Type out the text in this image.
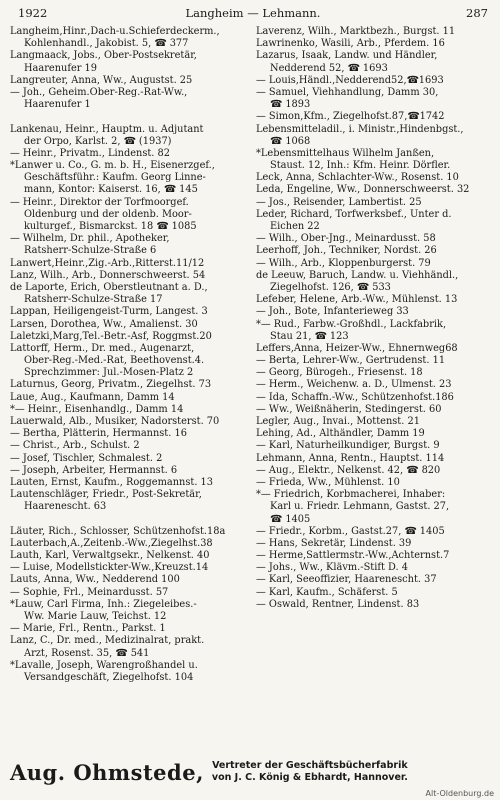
1922	Langheim — Lehmann.	287
Langheim,Hinr.,Dach-u.Schieferdeckerm.,
Kohlenhandl., Jakobist. 5, ☎ 377
Langmaack, Jobs., Ober-Postsekretär,
Haarenufer 19
Langreuter, Anna, Ww., Augustst. 25
— Joh., Geheim.Ober-Reg.-Rat-Ww.,
Haarenufer 1
Lankenau, Heinr., Hauptm. u. Adjutant
der Orpo, Karlst. 2, ☎ (1937)
— Heinr., Privatm., Lindenst. 82
*Lanwer u. Co., G. m. b. H., Eisenerzgef.,
Geschäftsführ.: Kaufm. Georg Linne-
mann, Kontor: Kaiserst. 16, ☎ 145
— Heinr., Direktor der Torfmoorgef.
Oldenburg und der oldenb. Moor-
kulturgef., Bismarckst. 18 ☎ 1085
— Wilhelm, Dr. phil., Apotheker,
Ratsherr-Schulze-Straße 6
Lanwert,Heinr.,Zig.-Arb.,Ritterst.11/12
Lanz, Wilh., Arb., Donnerschweerst. 54
de Laporte, Erich, Oberstleutnant a. D.,
Ratsherr-Schulze-Straße 17
Lappan, Heiligengeist-Turm, Langest. 3
Larsen, Dorothea, Ww., Amalienst. 30
Laletzki,Marg,Tel.-Betr.-Asf, Roggmst.20
Lattorff, Herm., Dr. med., Augenarzt,
Ober-Reg.-Med.-Rat, Beethovenst.4.
Sprechzimmer: Jul.-Mosen-Platz 2
Laturnus, Georg, Privatm., Ziegelhst. 73
Laue, Aug., Kaufmann, Damm 14
*— Heinr., Eisenhandlg., Damm 14
Lauerwald, Alb., Musiker, Nadorsterst. 70
— Bertha, Plätterin, Hermannst. 16
— Christ., Arb., Schulst. 2
— Josef, Tischler, Schmalest. 2
— Joseph, Arbeiter, Hermannst. 6
Lauten, Ernst, Kaufm., Roggemannst. 13
Lautenschläger, Friedr., Post-Sekretär,
Haarenescht. 63
Läuter, Rich., Schlosser, Schützenhofst.18a
Lauterbach,A.,Zeitenb.-Ww.,Ziegelhst.38
Lauth, Karl, Verwaltgsekr., Nelkenst. 40
— Luise, Modellstickter-Ww.,Kreuzst.14
Lauts, Anna, Ww., Nedderend 100
— Sophie, Frl., Meinardusst. 57
*Lauw, Carl Firma, Inh.: Ziegeleibes.-
Ww. Marie Lauw, Teichst. 12
— Marie, Frl., Rentn., Parkst. 1
Lanz, C., Dr. med., Medizinalrat, prakt.
Arzt, Rosenst. 35, ☎ 541
*Lavalle, Joseph, Warengroßhandel u.
Versandgeschäft, Ziegelhofst. 104
Laverenz, Wilh., Marktbezh., Burgst. 11
Lawrinenko, Wasili, Arb., Pferdem. 16
Lazarus, Isaak, Landw. und Händler,
Nedderend 52, ☎ 1693
— Louis,Händl.,Nedderend52,☎1693
— Samuel, Viehhandlung, Damm 30,
☎ 1893
— Simon,Kfm., Ziegelhofst.87,☎1742
Lebensmitteladil., i. Ministr.,Hindenbgst.,
☎ 1068
*Lebensmittelhaus Wilhelm Janßen,
Staust. 12, Inh.: Kfm. Heinr. Dörfler.
Leck, Anna, Schlachter-Ww., Rosenst. 10
Leda, Engeline, Ww., Donnerschweerst. 32
— Jos., Reisender, Lambertist. 25
Leder, Richard, Torfwerksbef., Unter d.
Eichen 22
— Wilh., Ober-Jng., Meinardusst. 58
Leerhoff, Joh., Techniker, Nordst. 26
— Wilh., Arb., Kloppenburgerst. 79
de Leeuw, Baruch, Landw. u. Viehhändl.,
Ziegelhofst. 126, ☎ 533
Lefeber, Helene, Arb.-Ww., Mühlenst. 13
— Joh., Bote, Infanterieweg 33
*— Rud., Farbw.-Großhdl., Lackfabrik,
Stau 21, ☎ 123
Leffers,Anna, Heizer-Ww., Ehnernweg68
— Berta, Lehrer-Ww., Gertrudenst. 11
— Georg, Bürogeh., Friesenst. 18
— Herm., Weichenw. a. D., Ulmenst. 23
— Ida, Schaffn.-Ww., Schützenhofst.186
— Ww., Weißnäherin, Stedingerst. 60
Legler, Aug., Invai., Mottenst. 21
Lehing, Ad., Althändler, Damm 19
— Karl, Naturheilkundiger, Burgst. 9
Lehmann, Anna, Rentn., Hauptst. 114
— Aug., Elektr., Nelkenst. 42, ☎ 820
— Frieda, Ww., Mühlenst. 10
*— Friedrich, Korbmacherei, Inhaber:
Karl u. Friedr. Lehmann, Gastst. 27,
☎ 1405
— Friedr., Korbm., Gastst.27, ☎ 1405
— Hans, Sekretär, Lindenst. 39
— Herme,Sattlermstr.-Ww.,Achternst.7
— Johs., Ww., Klävm.-Stift D. 4
— Karl, Seeoffizier, Haarenescht. 37
— Karl, Kaufm., Schäferst. 5
— Oswald, Rentner, Lindenst. 83
Aug. Ohmstede, Vertreter der Geschäftsbücherfabrik
von J. C. König & Ebhardt, Hannover.
Alt-Oldenburg.de
